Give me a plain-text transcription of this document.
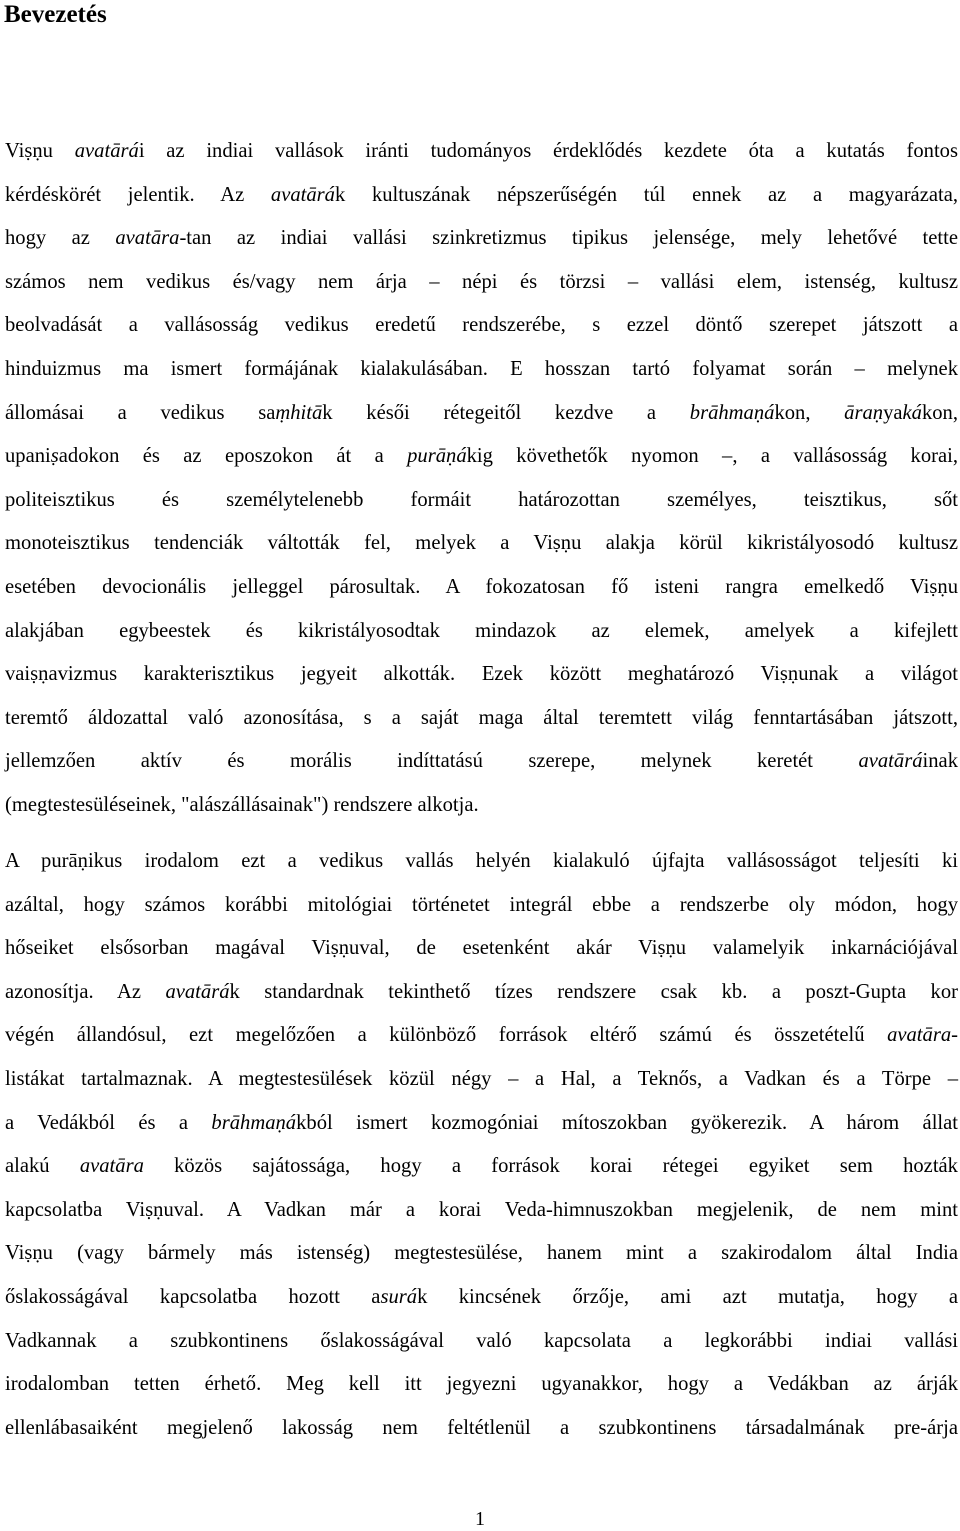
Bevezetés
Viṣṇu avatārái az indiai vallások iránti tudományos érdeklődés kezdete óta a kutatás fontos
kérdéskörét jelentik. Az avatārák kultuszának népszerűségén túl ennek az a magyarázata,
hogy az avatāra-tan az indiai vallási szinkretizmus tipikus jelensége, mely lehetővé tette
számos nem vedikus és/vagy nem árja – népi és törzsi – vallási elem, istenség, kultusz
beolvadását a vallásosság vedikus eredetű rendszerébe, s ezzel döntő szerepet játszott a
hinduizmus ma ismert formájának kialakulásában. E hosszan tartó folyamat során – melynek
állomásai a vedikus saṃhitāk késői rétegeitől kezdve a brāhmaṇákon, āraṇyakákon,
upaniṣadokon és az eposzokon át a purāṇákig követhetők nyomon –, a vallásosság korai,
politeisztikus és személytelenebb formáit határozottan személyes, teisztikus, sőt
monoteisztikus tendenciák váltották fel, melyek a Viṣṇu alakja körül kikristályosodó kultusz
esetében devocionális jelleggel párosultak. A fokozatosan fő isteni rangra emelkedő Viṣṇu
alakjában egybeestek és kikristályosodtak mindazok az elemek, amelyek a kifejlett
vaiṣṇavizmus karakterisztikus jegyeit alkották. Ezek között meghatározó Viṣṇunak a világot
teremtő áldozattal való azonosítása, s a saját maga által teremtett világ fenntartásában játszott,
jellemzően aktív és morális indíttatású szerepe, melynek keretét avatāráinak
(megtestesüléseinek, "alászállásainak") rendszere alkotja.
A purāṇikus irodalom ezt a vedikus vallás helyén kialakuló újfajta vallásosságot teljesíti ki
azáltal, hogy számos korábbi mitológiai történetet integrál ebbe a rendszerbe oly módon, hogy
hőseiket elsősorban magával Viṣṇuval, de esetenként akár Viṣṇu valamelyik inkarnációjával
azonosítja. Az avatārák standardnak tekinthető tízes rendszere csak kb. a poszt-Gupta kor
végén állandósul, ezt megelőzően a különböző források eltérő számú és összetételű avatāra-
listákat tartalmaznak. A megtestesülések közül négy – a Hal, a Teknős, a Vadkan és a Törpe –
a Vedákból és a brāhmaṇákból ismert kozmogóniai mítoszokban gyökerezik. A három állat
alakú avatāra közös sajátossága, hogy a források korai rétegei egyiket sem hozták
kapcsolatba Viṣṇuval. A Vadkan már a korai Veda-himnuszokban megjelenik, de nem mint
Viṣṇu (vagy bármely más istenség) megtestesülése, hanem mint a szakirodalom által India
őslakosságával kapcsolatba hozott asurák kincsének őrzője, ami azt mutatja, hogy a
Vadkannak a szubkontinens őslakosságával való kapcsolata a legkorábbi indiai vallási
irodalomban tetten érhető. Meg kell itt jegyezni ugyanakkor, hogy a Vedákban az árják
ellenlábasaiként megjelenő lakosság nem feltétlenül a szubkontinens társadalmának pre-árja
1
